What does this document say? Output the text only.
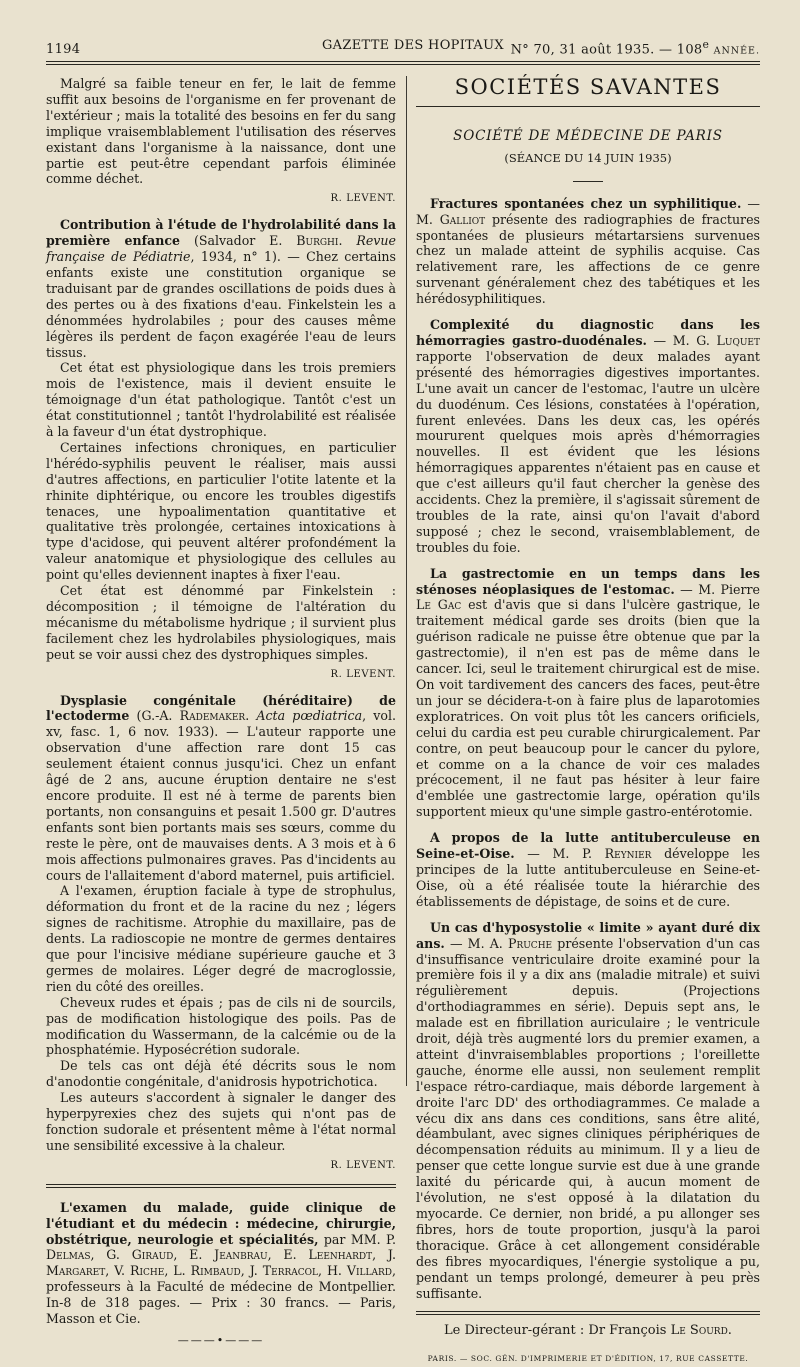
1194	GAZETTE DES HOPITAUX N° 70, 31 août 1935. — 108e ANNÉE.

Malgré sa faible teneur en fer, le lait de femme suffit aux besoins de l'organisme en fer provenant de l'extérieur ; mais la totalité des besoins en fer du sang implique vraisemblablement l'utilisation des réserves existant dans l'organisme à la naissance, dont une partie est peut-être cependant parfois éliminée comme déchet.

R. LEVENT.

Contribution à l'étude de l'hydrolabilité dans la première enfance (Salvador E. Burghi. Revue française de Pédiatrie, 1934, n° 1). — Chez certains enfants existe une constitution organique se traduisant par de grandes oscillations de poids dues à des pertes ou à des fixations d'eau. Finkelstein les a dénommées hydrolabiles ; pour des causes même légères ils perdent de façon exagérée l'eau de leurs tissus.

Cet état est physiologique dans les trois premiers mois de l'existence, mais il devient ensuite le témoignage d'un état pathologique. Tantôt c'est un état constitutionnel ; tantôt l'hydrolabilité est réalisée à la faveur d'un état dystrophique.

Certaines infections chroniques, en particulier l'hérédo-syphilis peuvent le réaliser, mais aussi d'autres affections, en particulier l'otite latente et la rhinite diphtérique, ou encore les troubles digestifs tenaces, une hypoalimentation quantitative et qualitative très prolongée, certaines intoxications à type d'acidose, qui peuvent altérer profondément la valeur anatomique et physiologique des cellules au point qu'elles deviennent inaptes à fixer l'eau.

Cet état est dénommé par Finkelstein : décomposition ; il témoigne de l'altération du mécanisme du métabolisme hydrique ; il survient plus facilement chez les hydrolabiles physiologiques, mais peut se voir aussi chez des dystrophiques simples.

R. LEVENT.

Dysplasie congénitale (héréditaire) de l'ectoderme (G.-A. Rademaker. Acta pœdiatrica, vol. xv, fasc. 1, 6 nov. 1933). — L'auteur rapporte une observation d'une affection rare dont 15 cas seulement étaient connus jusqu'ici. Chez un enfant âgé de 2 ans, aucune éruption dentaire ne s'est encore produite. Il est né à terme de parents bien portants, non consanguins et pesait 1.500 gr. D'autres enfants sont bien portants mais ses sœurs, comme du reste le père, ont de mauvaises dents. A 3 mois et à 6 mois affections pulmonaires graves. Pas d'incidents au cours de l'allaitement d'abord maternel, puis artificiel.

A l'examen, éruption faciale à type de strophulus, déformation du front et de la racine du nez ; légers signes de rachitisme. Atrophie du maxillaire, pas de dents. La radioscopie ne montre de germes dentaires que pour l'incisive médiane supérieure gauche et 3 germes de molaires. Léger degré de macroglossie, rien du côté des oreilles.

Cheveux rudes et épais ; pas de cils ni de sourcils, pas de modification histologique des poils. Pas de modification du Wassermann, de la calcémie ou de la phosphatémie. Hyposécrétion sudorale.

De tels cas ont déjà été décrits sous le nom d'anodontie congénitale, d'anidrosis hypotrichotica.

Les auteurs s'accordent à signaler le danger des hyperpyrexies chez des sujets qui n'ont pas de fonction sudorale et présentent même à l'état normal une sensibilité excessive à la chaleur.

R. LEVENT.

L'examen du malade, guide clinique de l'étudiant et du médecin : médecine, chirurgie, obstétrique, neurologie et spécialités, par MM. P. Delmas, G. Giraud, E. Jeanbrau, E. Leenhardt, J. Margaret, V. Riche, L. Rimbaud, J. Terracol, H. Villard, professeurs à la Faculté de médecine de Montpellier. In-8 de 318 pages. — Prix : 30 francs. — Paris, Masson et Cie.

———•———
SOCIÉTÉS SAVANTES
SOCIÉTÉ DE MÉDECINE DE PARIS
(SÉANCE DU 14 JUIN 1935)

Fractures spontanées chez un syphilitique. — M. Galliot présente des radiographies de fractures spontanées de plusieurs métartarsiens survenues chez un malade atteint de syphilis acquise. Cas relativement rare, les affections de ce genre survenant généralement chez des tabétiques et les hérédosyphilitiques.

Complexité du diagnostic dans les hémorragies gastro-duodénales. — M. G. Luquet rapporte l'observation de deux malades ayant présenté des hémorragies digestives importantes. L'une avait un cancer de l'estomac, l'autre un ulcère du duodénum. Ces lésions, constatées à l'opération, furent enlevées. Dans les deux cas, les opérés moururent quelques mois après d'hémorragies nouvelles. Il est évident que les lésions hémorragiques apparentes n'étaient pas en cause et que c'est ailleurs qu'il faut chercher la genèse des accidents. Chez la première, il s'agissait sûrement de troubles de la rate, ainsi qu'on l'avait d'abord supposé ; chez le second, vraisemblablement, de troubles du foie.

La gastrectomie en un temps dans les sténoses néoplasiques de l'estomac. — M. Pierre Le Gac est d'avis que si dans l'ulcère gastrique, le traitement médical garde ses droits (bien que la guérison radicale ne puisse être obtenue que par la gastrectomie), il n'en est pas de même dans le cancer. Ici, seul le traitement chirurgical est de mise. On voit tardivement des cancers des faces, peut-être un jour se décidera-t-on à faire plus de laparotomies exploratrices. On voit plus tôt les cancers orificiels, celui du cardia est peu curable chirurgicalement. Par contre, on peut beaucoup pour le cancer du pylore, et comme on a la chance de voir ces malades précocement, il ne faut pas hésiter à leur faire d'emblée une gastrectomie large, opération qu'ils supportent mieux qu'une simple gastro-entérotomie.

A propos de la lutte antituberculeuse en Seine-et-Oise. — M. P. Reynier développe les principes de la lutte antituberculeuse en Seine-et-Oise, où a été réalisée toute la hiérarchie des établissements de dépistage, de soins et de cure.

Un cas d'hyposystolie « limite » ayant duré dix ans. — M. A. Pruche présente l'observation d'un cas d'insuffisance ventriculaire droite examiné pour la première fois il y a dix ans (maladie mitrale) et suivi régulièrement depuis. (Projections d'orthodiagrammes en série). Depuis sept ans, le malade est en fibrillation auriculaire ; le ventricule droit, déjà très augmenté lors du premier examen, a atteint d'invraisemblables proportions ; l'oreillette gauche, énorme elle aussi, non seulement remplit l'espace rétro-cardiaque, mais déborde largement à droite l'arc DD' des orthodiagrammes. Ce malade a vécu dix ans dans ces conditions, sans être alité, déambulant, avec signes cliniques périphériques de décompensation réduits au minimum. Il y a lieu de penser que cette longue survie est due à une grande laxité du péricarde qui, à aucun moment de l'évolution, ne s'est opposé à la dilatation du myocarde. Ce dernier, non bridé, a pu allonger ses fibres, hors de toute proportion, jusqu'à la paroi thoracique. Grâce à cet allongement considérable des fibres myocardiques, l'énergie systolique a pu, pendant un temps prolongé, demeurer à peu près suffisante.

Le Directeur-gérant : Dr François Le Sourd.
PARIS. — SOC. GÉN. D'IMPRIMERIE ET D'ÉDITION, 17, RUE CASSETTE.
